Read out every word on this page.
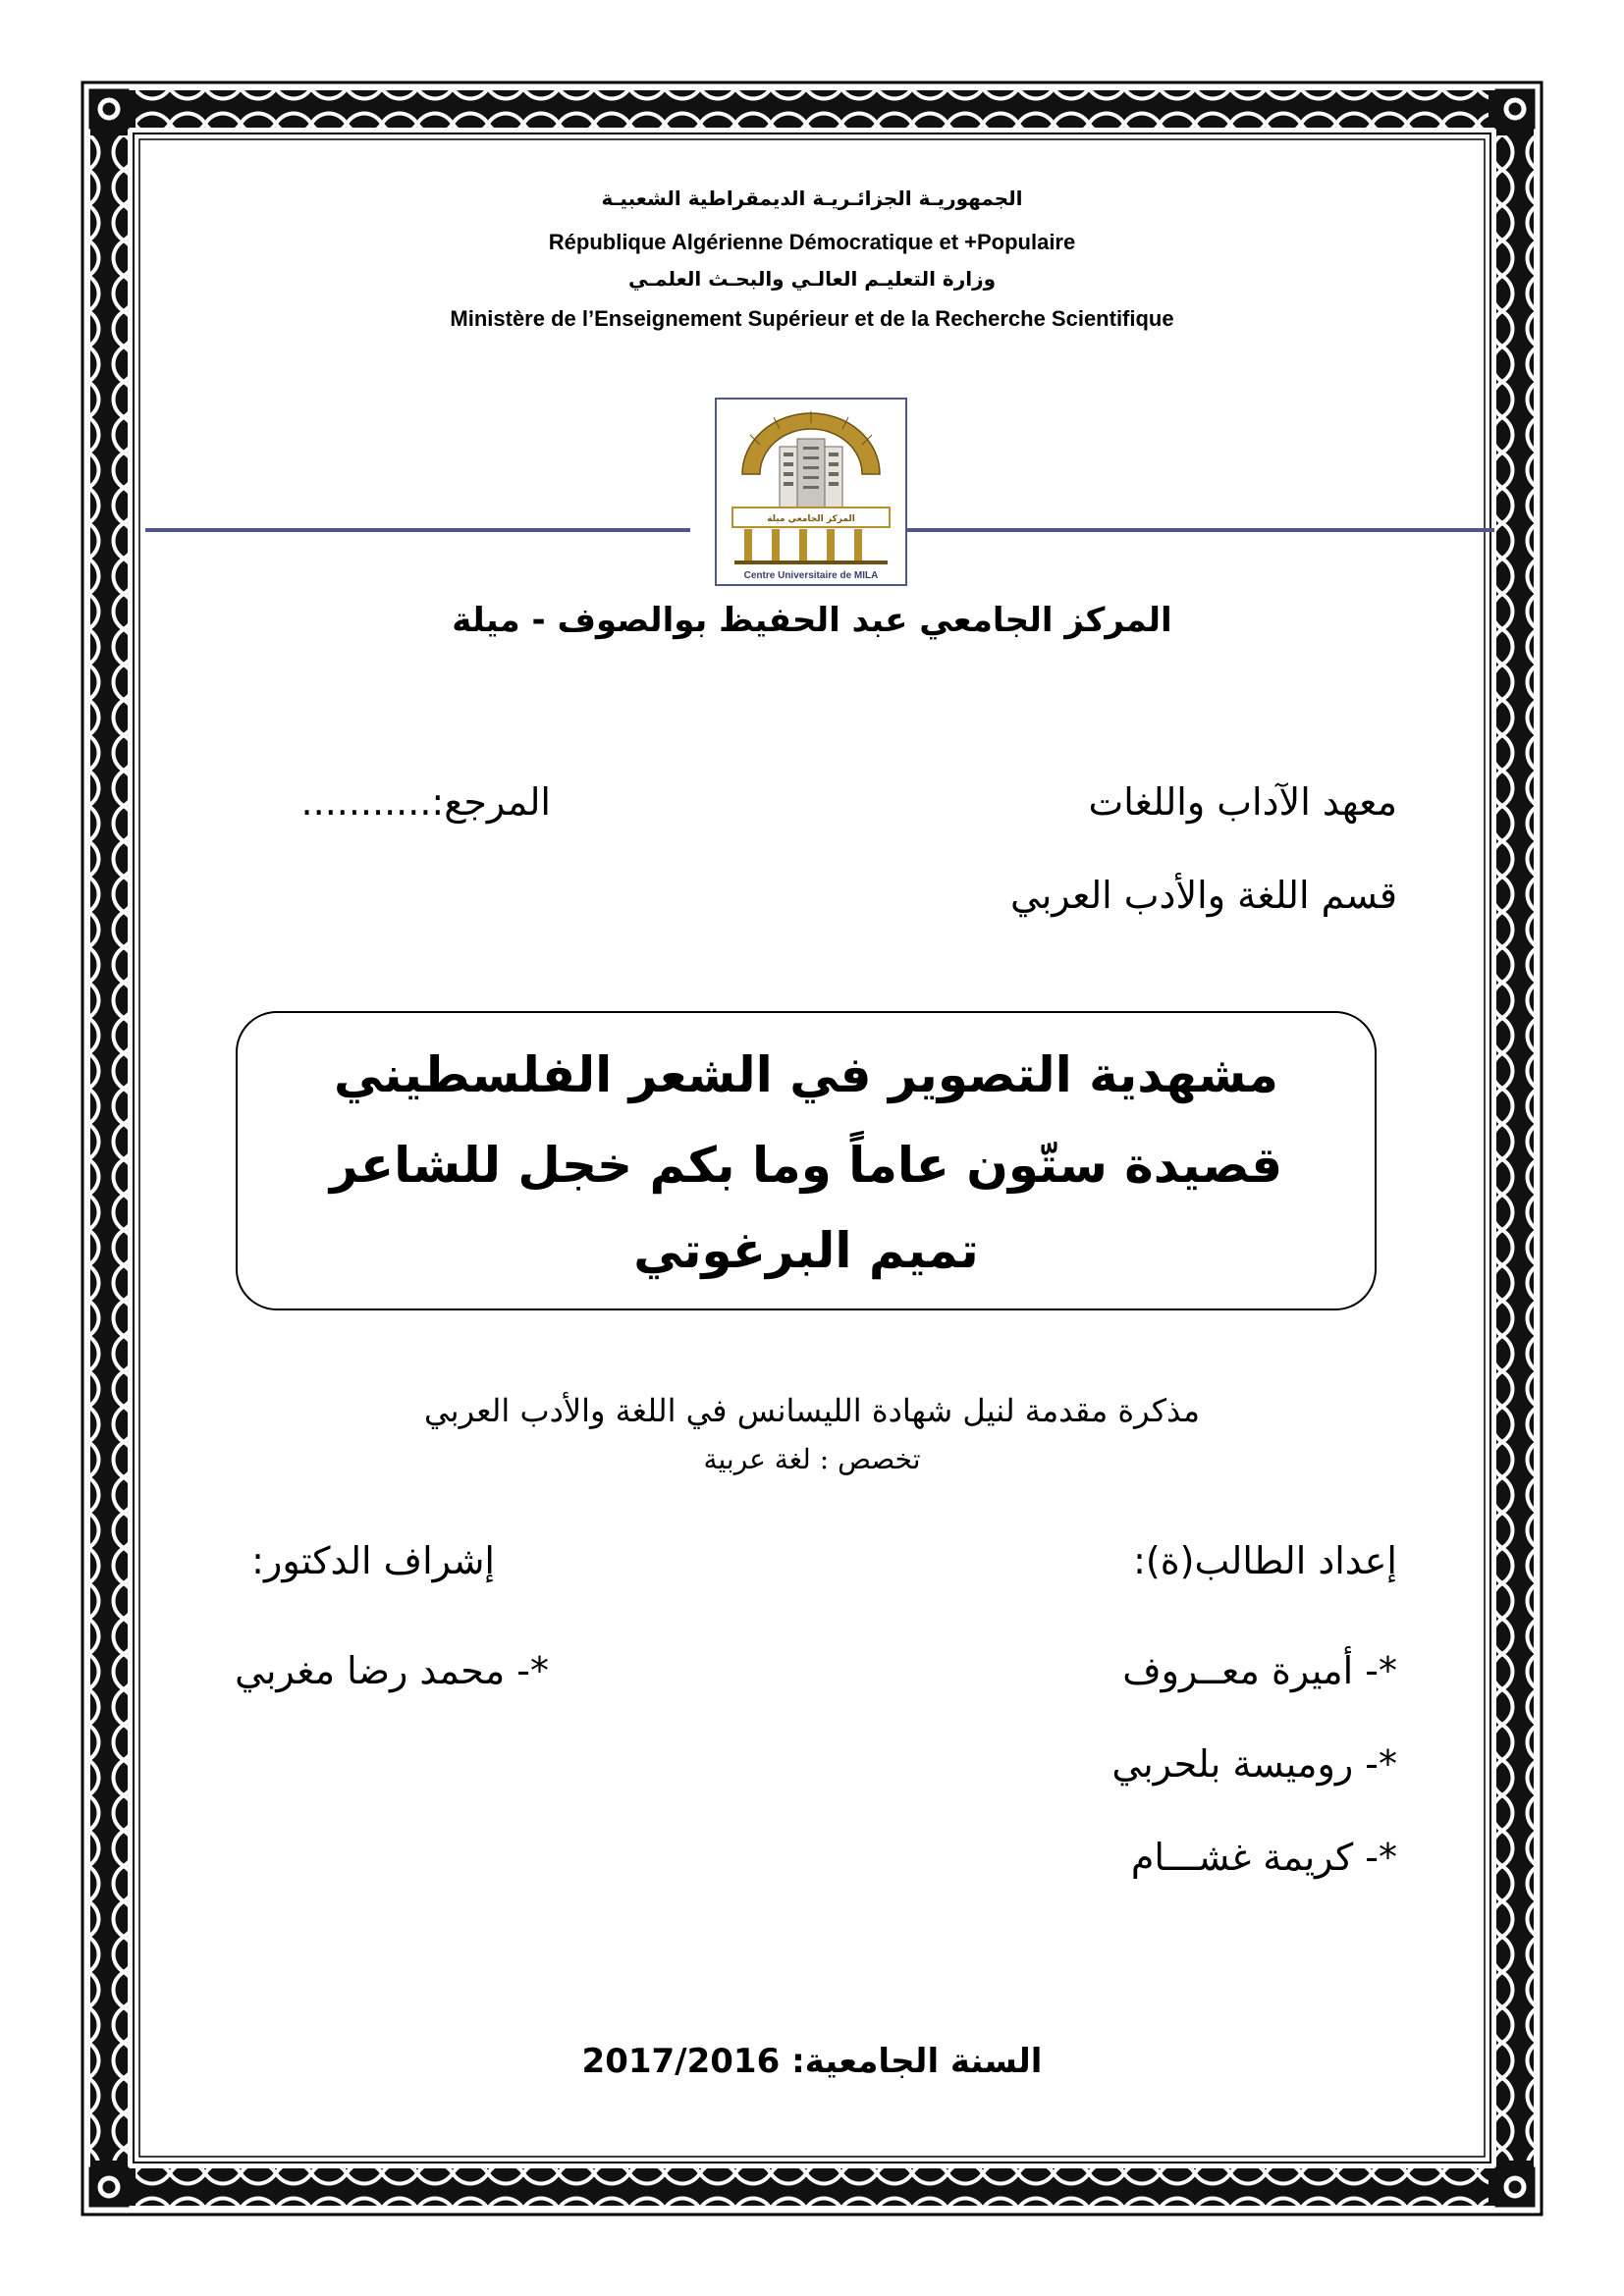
الجمهوريـة الجزائـريـة الديمقراطية الشعبيـة
République Algérienne Démocratique et +Populaire
وزارة التعليـم العالـي والبحـث العلمـي
Ministère de l’Enseignement Supérieur et de la Recherche Scientifique
المركز الجامعي ميلة
Centre Universitaire de MILA
المركز الجامعي عبد الحفيظ بوالصوف - ميلة
معهد الآداب واللغات
المرجع:...........
قسم اللغة والأدب العربي
مشهدية التصوير في الشعر الفلسطيني
قصيدة ستّون عاماً وما بكم خجل للشاعر
تميم البرغوتي
مذكرة مقدمة لنيل شهادة الليسانس في اللغة والأدب العربي
تخصص : لغة عربية
إعداد الطالب(ة):
إشراف الدكتور:
*- أميرة معــروف
*- محمد رضا مغربي
*- روميسة بلحربي
*- كريمة غشـــام
السنة الجامعية: 2017/2016
